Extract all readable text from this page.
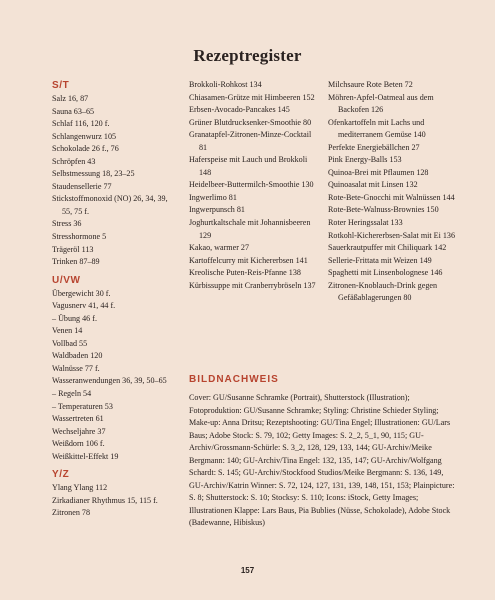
Rezeptregister

S/T

Salz 16, 87

Sauna 63–65

Schlaf 116, 120 f.

Schlangenwurz 105

Schokolade 26 f., 76

Schröpfen 43

Selbstmessung 18, 23–25

Staudensellerie 77

Stickstoffmonoxid (NO) 26, 34, 39, 55, 75 f.

Stress 36

Stresshormone 5

Trägeröl 113

Trinken 87–89

U/VW

Übergewicht 30 f.

Vagusnerv 41, 44 f.

– Übung 46 f.

Venen 14

Vollbad 55

Waldbaden 120

Walnüsse 77 f.

Wasseranwendungen 36, 39, 50–65

– Regeln 54

– Temperaturen 53

Wassertreten 61

Wechseljahre 37

Weißdorn 106 f.

Weißkittel-Effekt 19

Y/Z

Ylang Ylang 112

Zirkadianer Rhythmus 15, 115 f.

Zitronen 78

Brokkoli-Rohkost 134

Chiasamen-Grütze mit Himbeeren 152

Erbsen-Avocado-Pancakes 145

Grüner Blutdrucksenker-Smoothie 80

Granatapfel-Zitronen-Minze-Cocktail 81

Haferspeise mit Lauch und Brokkoli 148

Heidelbeer-Buttermilch-Smoothie 130

Ingwerlimo 81

Ingwerpunsch 81

Joghurtkaltschale mit Johannisbeeren 129

Kakao, warmer 27

Kartoffelcurry mit Kichererbsen 141

Kreolische Puten-Reis-Pfanne 138

Kürbissuppe mit Cranberrybröseln 137

Milchsaure Rote Beten 72

Möhren-Apfel-Oatmeal aus dem Backofen 126

Ofenkartoffeln mit Lachs und mediterranem Gemüse 140

Perfekte Energiebällchen 27

Pink Energy-Balls 153

Quinoa-Brei mit Pflaumen 128

Quinoasalat mit Linsen 132

Rote-Bete-Gnocchi mit Walnüssen 144

Rote-Bete-Walnuss-Brownies 150

Roter Heringssalat 133

Rotkohl-Kichererbsen-Salat mit Ei 136

Sauerkrautpuffer mit Chiliquark 142

Sellerie-Frittata mit Weizen 149

Spaghetti mit Linsenbolognese 146

Zitronen-Knoblauch-Drink gegen Gefäßablagerungen 80

BILDNACHWEIS

Cover: GU/Susanne Schramke (Portrait), Shutterstock (Illustration); Fotoproduktion: GU/Susanne Schramke; Styling: Christine Schieder Styling; Make-up: Anna Dritsu; Rezeptshooting: GU/Tina Engel; Illustrationen: GU/Lars Baus; Adobe Stock: S. 79, 102; Getty Images: S. 2_2, 5_1, 90, 115; GU-Archiv/Grossmann-Schürle: S. 3_2, 128, 129, 133, 144; GU-Archiv/Meike Bergmann: 140; GU-Archiv/Tina Engel: 132, 135, 147; GU-Archiv/Wolfgang Schardt: S. 145; GU-Archiv/Stockfood Studios/Meike Bergmann: S. 136, 149, GU-Archiv/Katrin Winner: S. 72, 124, 127, 131, 139, 148, 151, 153; Plainpicture: S. 8; Shutterstock: S. 10; Stocksy: S. 110; Icons: iStock, Getty Images; Illustrationen Klappe: Lars Baus, Pia Bublies (Nüsse, Schokolade), Adobe Stock (Badewanne, Hibiskus)

157
